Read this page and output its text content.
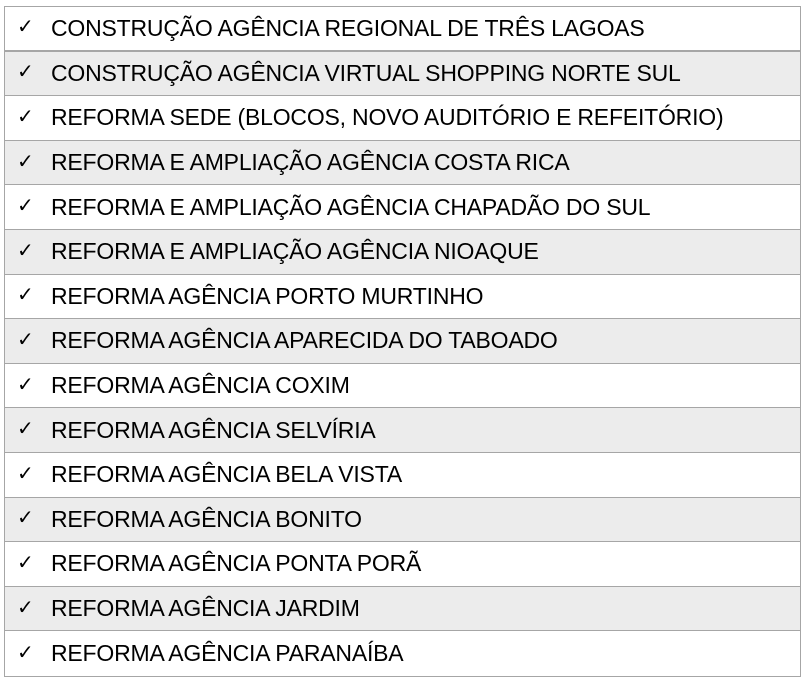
✓ CONSTRUÇÃO AGÊNCIA REGIONAL DE TRÊS LAGOAS
✓ CONSTRUÇÃO AGÊNCIA VIRTUAL SHOPPING NORTE SUL
✓ REFORMA SEDE (BLOCOS, NOVO AUDITÓRIO E REFEITÓRIO)
✓ REFORMA E AMPLIAÇÃO AGÊNCIA COSTA RICA
✓ REFORMA E AMPLIAÇÃO AGÊNCIA CHAPADÃO DO SUL
✓ REFORMA E AMPLIAÇÃO AGÊNCIA NIOAQUE
✓ REFORMA AGÊNCIA PORTO MURTINHO
✓ REFORMA AGÊNCIA APARECIDA DO TABOADO
✓ REFORMA AGÊNCIA COXIM
✓ REFORMA AGÊNCIA SELVÍRIA
✓ REFORMA AGÊNCIA BELA VISTA
✓ REFORMA AGÊNCIA BONITO
✓ REFORMA AGÊNCIA PONTA PORÃ
✓ REFORMA AGÊNCIA JARDIM
✓ REFORMA AGÊNCIA PARANAÍBA
